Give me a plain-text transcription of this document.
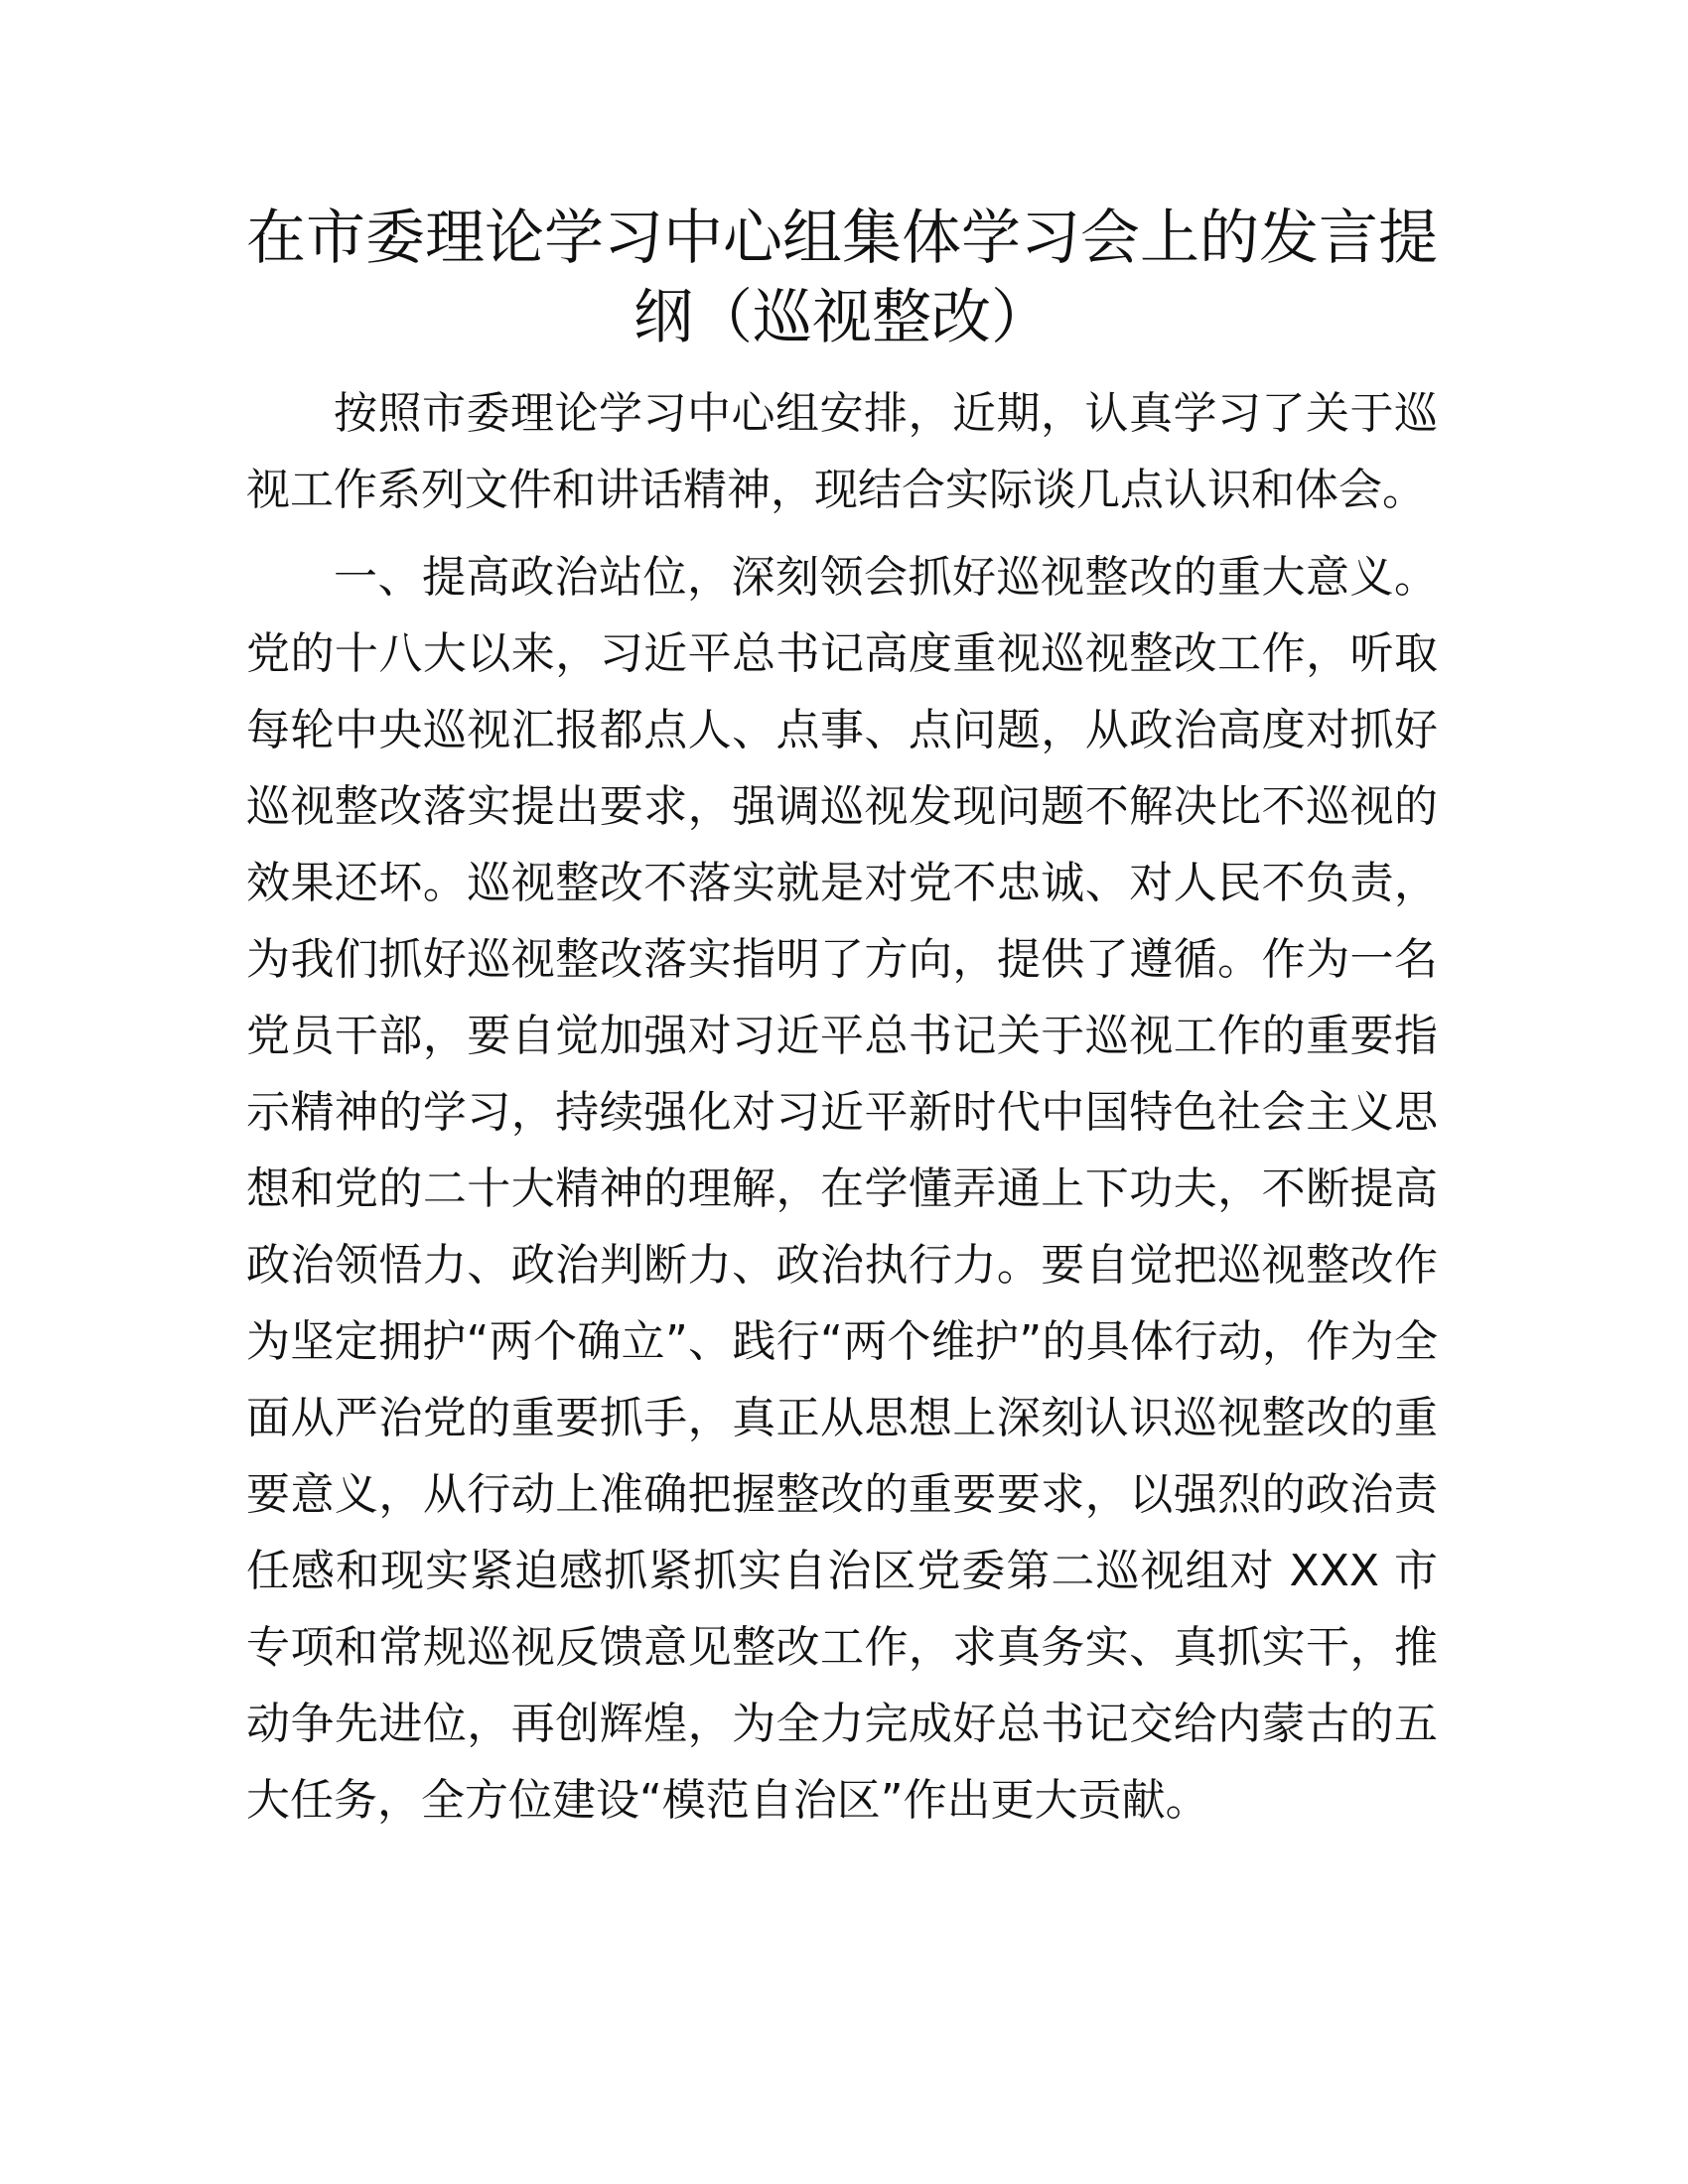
在市委理论学习中心组集体学习会上的发言提纲（巡视整改）

按照市委理论学习中心组安排，近期，认真学习了关于巡视工作系列文件和讲话精神，现结合实际谈几点认识和体会。

一、提高政治站位，深刻领会抓好巡视整改的重大意义。党的十八大以来，习近平总书记高度重视巡视整改工作，听取每轮中央巡视汇报都点人、点事、点问题，从政治高度对抓好巡视整改落实提出要求，强调巡视发现问题不解决比不巡视的效果还坏。巡视整改不落实就是对党不忠诚、对人民不负责，为我们抓好巡视整改落实指明了方向，提供了遵循。作为一名党员干部，要自觉加强对习近平总书记关于巡视工作的重要指示精神的学习，持续强化对习近平新时代中国特色社会主义思想和党的二十大精神的理解，在学懂弄通上下功夫，不断提高政治领悟力、政治判断力、政治执行力。要自觉把巡视整改作为坚定拥护“两个确立”、践行“两个维护”的具体行动，作为全面从严治党的重要抓手，真正从思想上深刻认识巡视整改的重要意义，从行动上准确把握整改的重要要求，以强烈的政治责任感和现实紧迫感抓紧抓实自治区党委第二巡视组对 XXX 市专项和常规巡视反馈意见整改工作，求真务实、真抓实干，推动争先进位，再创辉煌，为全力完成好总书记交给内蒙古的五大任务，全方位建设“模范自治区”作出更大贡献。
